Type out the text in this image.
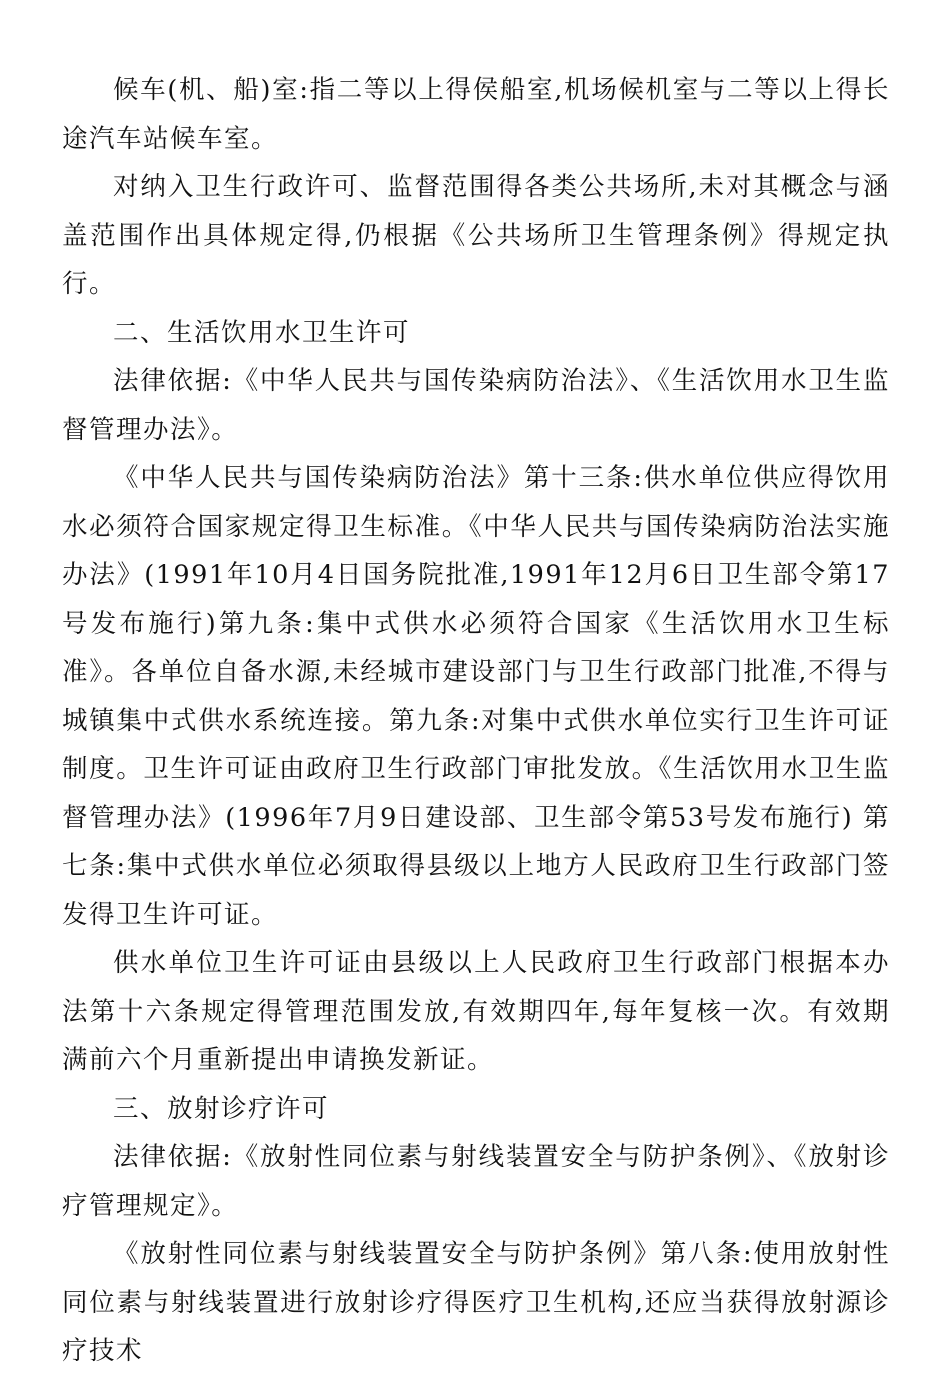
候车(机、船)室:指二等以上得侯船室,机场候机室与二等以上得长途汽车站候车室。

对纳入卫生行政许可、监督范围得各类公共场所,未对其概念与涵盖范围作出具体规定得,仍根据《公共场所卫生管理条例》得规定执行。

二、生活饮用水卫生许可

法律依据:《中华人民共与国传染病防治法》、《生活饮用水卫生监督管理办法》。

《中华人民共与国传染病防治法》第十三条:供水单位供应得饮用水必须符合国家规定得卫生标准。《中华人民共与国传染病防治法实施办法》(1991年10月4日国务院批准,1991年12月6日卫生部令第17号发布施行)第九条:集中式供水必须符合国家《生活饮用水卫生标准》。各单位自备水源,未经城市建设部门与卫生行政部门批准,不得与城镇集中式供水系统连接。第九条:对集中式供水单位实行卫生许可证制度。卫生许可证由政府卫生行政部门审批发放。《生活饮用水卫生监督管理办法》(1996年7月9日建设部、卫生部令第53号发布施行) 第七条:集中式供水单位必须取得县级以上地方人民政府卫生行政部门签发得卫生许可证。

供水单位卫生许可证由县级以上人民政府卫生行政部门根据本办法第十六条规定得管理范围发放,有效期四年,每年复核一次。有效期满前六个月重新提出申请换发新证。

三、放射诊疗许可

法律依据:《放射性同位素与射线装置安全与防护条例》、《放射诊疗管理规定》。

《放射性同位素与射线装置安全与防护条例》第八条:使用放射性同位素与射线装置进行放射诊疗得医疗卫生机构,还应当获得放射源诊疗技术
